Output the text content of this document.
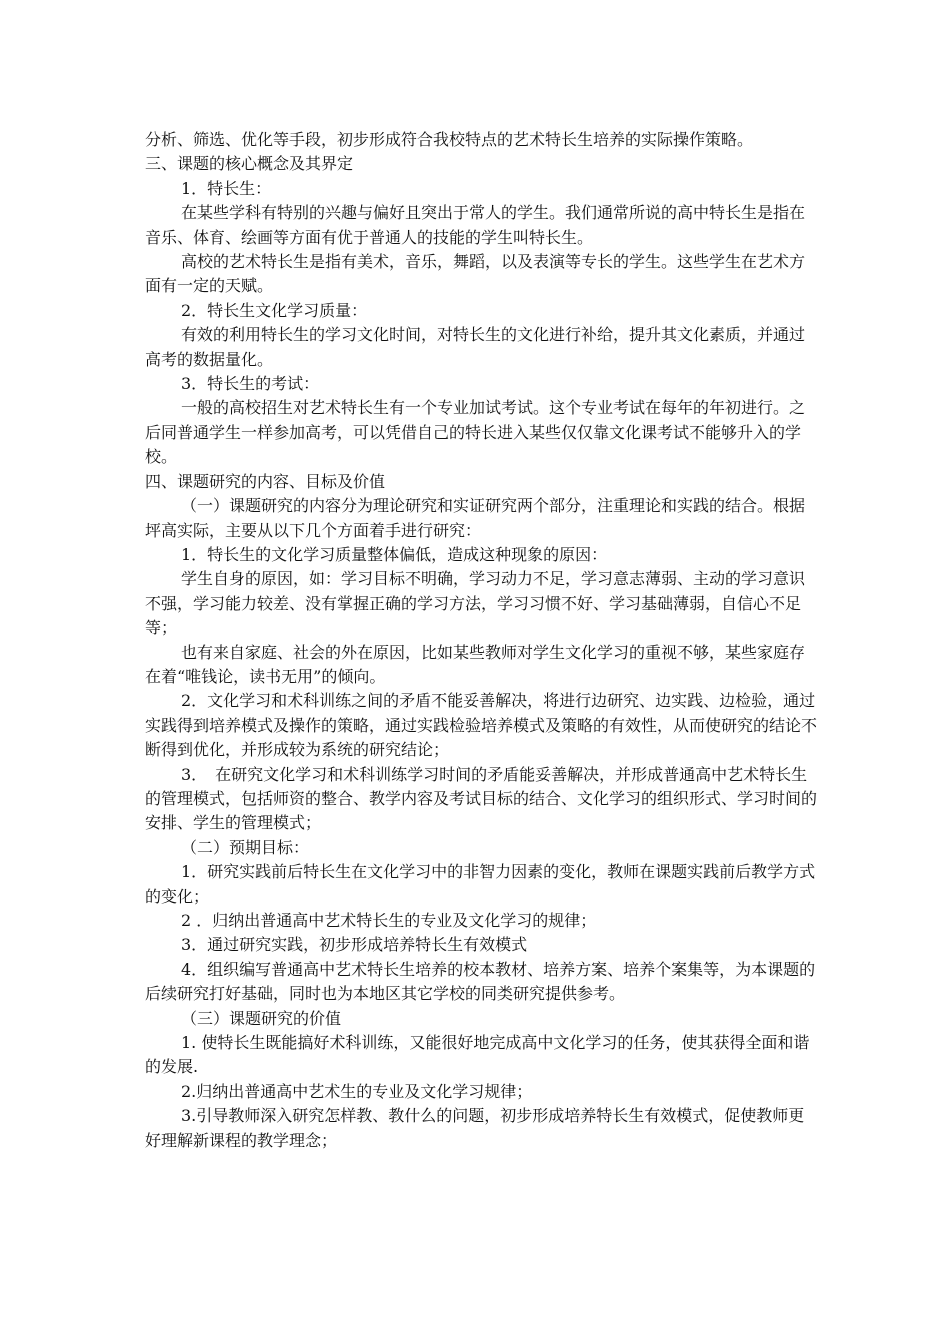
分析、筛选、优化等手段，初步形成符合我校特点的艺术特长生培养的实际操作策略。

三、课题的核心概念及其界定

1．特长生：

在某些学科有特别的兴趣与偏好且突出于常人的学生。我们通常所说的高中特长生是指在音乐、体育、绘画等方面有优于普通人的技能的学生叫特长生。

高校的艺术特长生是指有美术，音乐，舞蹈，以及表演等专长的学生。这些学生在艺术方面有一定的天赋。

2．特长生文化学习质量：

有效的利用特长生的学习文化时间，对特长生的文化进行补给，提升其文化素质，并通过高考的数据量化。

3．特长生的考试：

一般的高校招生对艺术特长生有一个专业加试考试。这个专业考试在每年的年初进行。之后同普通学生一样参加高考，可以凭借自己的特长进入某些仅仅靠文化课考试不能够升入的学校。

四、课题研究的内容、目标及价值

（一）课题研究的内容分为理论研究和实证研究两个部分，注重理论和实践的结合。根据坪高实际，主要从以下几个方面着手进行研究：

1．特长生的文化学习质量整体偏低，造成这种现象的原因：

学生自身的原因，如：学习目标不明确，学习动力不足，学习意志薄弱、主动的学习意识不强，学习能力较差、没有掌握正确的学习方法，学习习惯不好、学习基础薄弱，自信心不足等；

也有来自家庭、社会的外在原因，比如某些教师对学生文化学习的重视不够，某些家庭存在着“唯钱论，读书无用”的倾向。

2．文化学习和术科训练之间的矛盾不能妥善解决，将进行边研究、边实践、边检验，通过实践得到培养模式及操作的策略，通过实践检验培养模式及策略的有效性，从而使研究的结论不断得到优化，并形成较为系统的研究结论；

3．　在研究文化学习和术科训练学习时间的矛盾能妥善解决，并形成普通高中艺术特长生的管理模式，包括师资的整合、教学内容及考试目标的结合、文化学习的组织形式、学习时间的安排、学生的管理模式；

（二）预期目标：

1．研究实践前后特长生在文化学习中的非智力因素的变化，教师在课题实践前后教学方式的变化；

2 ．归纳出普通高中艺术特长生的专业及文化学习的规律；

3．通过研究实践，初步形成培养特长生有效模式

4．组织编写普通高中艺术特长生培养的校本教材、培养方案、培养个案集等，为本课题的后续研究打好基础，同时也为本地区其它学校的同类研究提供参考。

（三）课题研究的价值

1. 使特长生既能搞好术科训练，又能很好地完成高中文化学习的任务，使其获得全面和谐的发展.

2.归纳出普通高中艺术生的专业及文化学习规律；

3.引导教师深入研究怎样教、教什么的问题，初步形成培养特长生有效模式，促使教师更好理解新课程的教学理念；
